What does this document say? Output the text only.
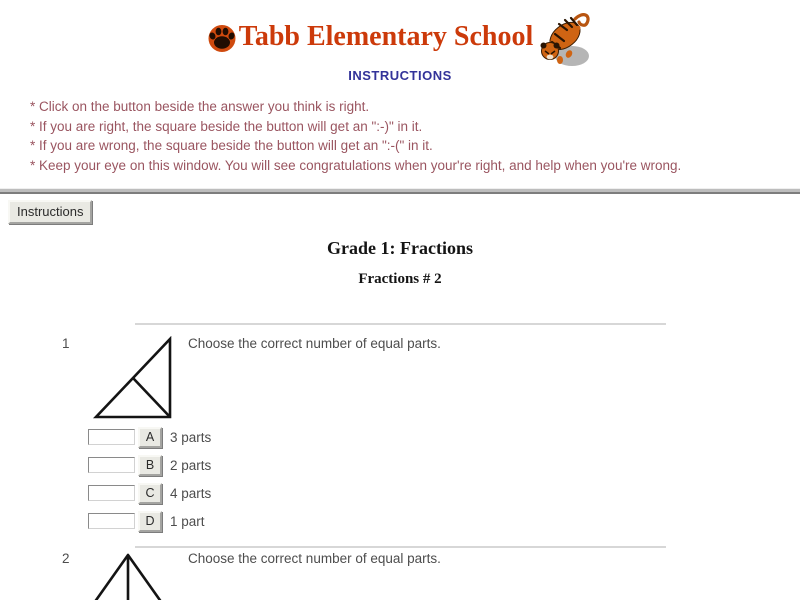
Tabb Elementary School
INSTRUCTIONS
* Click on the button beside the answer you think is right.
* If you are right, the square beside the button will get an ":-)" in it.
* If you are wrong, the square beside the button will get an ":-(" in it.
* Keep your eye on this window. You will see congratulations when your're right, and help when you're wrong.
Instructions
Grade 1: Fractions
Fractions # 2
1	Choose the correct number of equal parts.
A	3 parts
B	2 parts
C	4 parts
D	1 part
2	Choose the correct number of equal parts.
